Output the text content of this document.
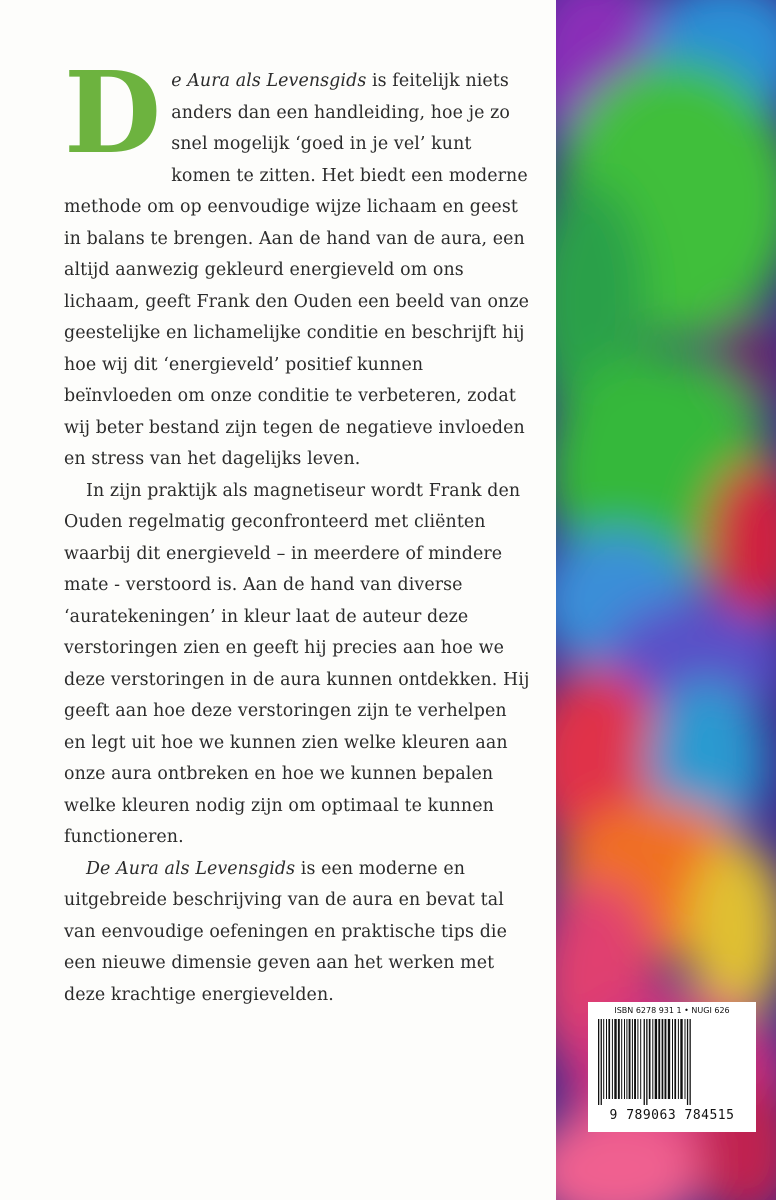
D e Aura als Levensgids is feitelijk niets anders dan een handleiding, hoe je zo snel mogelijk ‘goed in je vel’ kunt komen te zitten. Het biedt een moderne methode om op eenvoudige wijze lichaam en geest in balans te brengen. Aan de hand van de aura, een altijd aanwezig gekleurd energieveld om ons lichaam, geeft Frank den Ouden een beeld van onze geestelijke en lichamelijke conditie en beschrijft hij hoe wij dit ‘energieveld’ positief kunnen beïnvloeden om onze conditie te verbeteren, zodat wij beter bestand zijn tegen de negatieve invloeden en stress van het dagelijks leven.

In zijn praktijk als magnetiseur wordt Frank den Ouden regelmatig geconfronteerd met cliënten waarbij dit energieveld – in meerdere of mindere mate - verstoord is. Aan de hand van diverse ‘auratekeningen’ in kleur laat de auteur deze verstoringen zien en geeft hij precies aan hoe we deze verstoringen in de aura kunnen ontdekken. Hij geeft aan hoe deze verstoringen zijn te verhelpen en legt uit hoe we kunnen zien welke kleuren aan onze aura ontbreken en hoe we kunnen bepalen welke kleuren nodig zijn om optimaal te kunnen functioneren.

De Aura als Levensgids is een moderne en uitgebreide beschrijving van de aura en bevat tal van eenvoudige oefeningen en praktische tips die een nieuwe dimensie geven aan het werken met deze krachtige energievelden.

ISBN 6278 931 1 • NUGI 626
9 789063 784515
